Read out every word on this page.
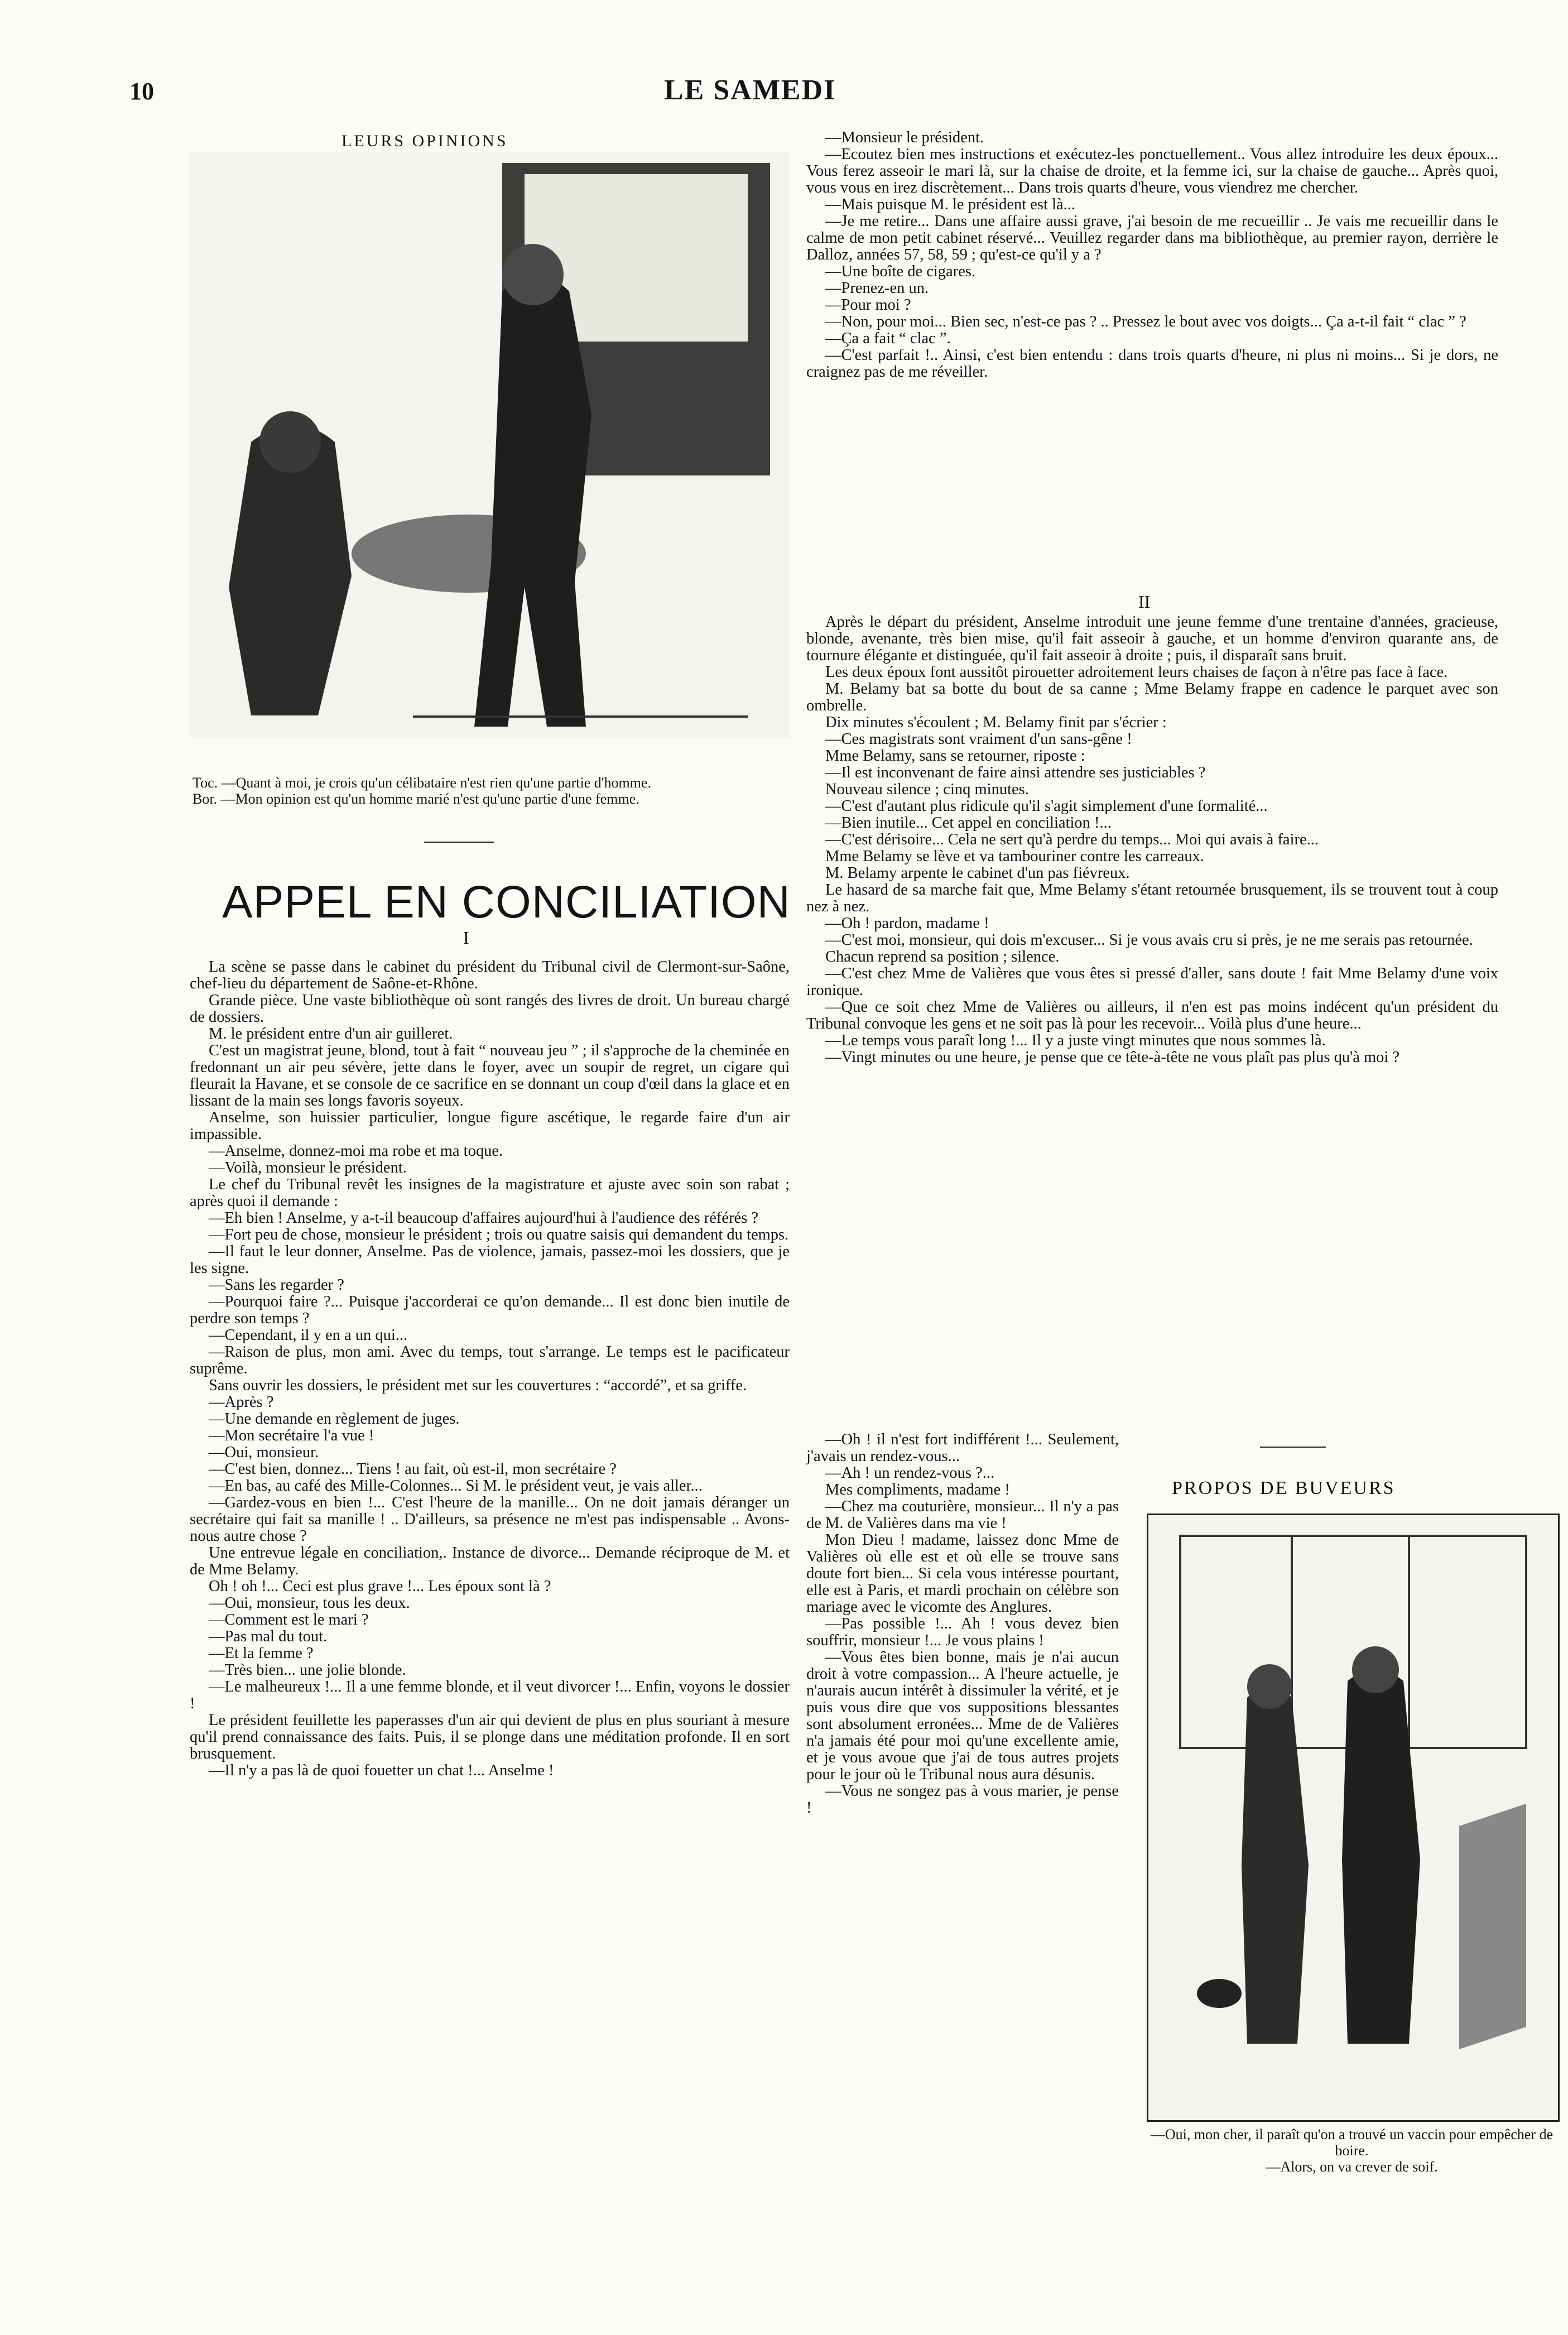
10	LE SAMEDI
LEURS OPINIONS
Toc. —Quant à moi, je crois qu'un célibataire n'est rien qu'une partie d'homme.
Bor. —Mon opinion est qu'un homme marié n'est qu'une partie d'une femme.
APPEL EN CONCILIATION
I

La scène se passe dans le cabinet du président du Tribunal civil de Clermont-sur-Saône, chef-lieu du département de Saône-et-Rhône.

Grande pièce. Une vaste bibliothèque où sont rangés des livres de droit. Un bureau chargé de dossiers.

M. le président entre d'un air guilleret.

C'est un magistrat jeune, blond, tout à fait “ nouveau jeu ” ; il s'approche de la cheminée en fredonnant un air peu sévère, jette dans le foyer, avec un soupir de regret, un cigare qui fleurait la Havane, et se console de ce sacrifice en se donnant un coup d'œil dans la glace et en lissant de la main ses longs favoris soyeux.

Anselme, son huissier particulier, longue figure ascétique, le regarde faire d'un air impassible.

—Anselme, donnez-moi ma robe et ma toque.

—Voilà, monsieur le président.

Le chef du Tribunal revêt les insignes de la magistrature et ajuste avec soin son rabat ; après quoi il demande :

—Eh bien ! Anselme, y a-t-il beaucoup d'affaires aujourd'hui à l'audience des référés ?

—Fort peu de chose, monsieur le président ; trois ou quatre saisis qui demandent du temps.

—Il faut le leur donner, Anselme. Pas de violence, jamais, passez-moi les dossiers, que je les signe.

—Sans les regarder ?

—Pourquoi faire ?... Puisque j'accorderai ce qu'on demande... Il est donc bien inutile de perdre son temps ?

—Cependant, il y en a un qui...

—Raison de plus, mon ami. Avec du temps, tout s'arrange. Le temps est le pacificateur suprême.

Sans ouvrir les dossiers, le président met sur les couvertures : “accordé”, et sa griffe.

—Après ?

—Une demande en règlement de juges.

—Mon secrétaire l'a vue !

—Oui, monsieur.

—C'est bien, donnez... Tiens ! au fait, où est-il, mon secrétaire ?

—En bas, au café des Mille-Colonnes... Si M. le président veut, je vais aller...

—Gardez-vous en bien !... C'est l'heure de la manille... On ne doit jamais déranger un secrétaire qui fait sa manille ! .. D'ailleurs, sa présence ne m'est pas indispensable .. Avons-nous autre chose ?

Une entrevue légale en conciliation,. Instance de divorce... Demande réciproque de M. et de Mme Belamy.

Oh ! oh !... Ceci est plus grave !... Les époux sont là ?

—Oui, monsieur, tous les deux.

—Comment est le mari ?

—Pas mal du tout.

—Et la femme ?

—Très bien... une jolie blonde.

—Le malheureux !... Il a une femme blonde, et il veut divorcer !... Enfin, voyons le dossier !

Le président feuillette les paperasses d'un air qui devient de plus en plus souriant à mesure qu'il prend connaissance des faits. Puis, il se plonge dans une méditation profonde. Il en sort brusquement.

—Il n'y a pas là de quoi fouetter un chat !... Anselme !

—Monsieur le président.

—Ecoutez bien mes instructions et exécutez-les ponctuellement.. Vous allez introduire les deux époux... Vous ferez asseoir le mari là, sur la chaise de droite, et la femme ici, sur la chaise de gauche... Après quoi, vous vous en irez discrètement... Dans trois quarts d'heure, vous viendrez me chercher.

—Mais puisque M. le président est là...

—Je me retire... Dans une affaire aussi grave, j'ai besoin de me recueillir .. Je vais me recueillir dans le calme de mon petit cabinet réservé... Veuillez regarder dans ma bibliothèque, au premier rayon, derrière le Dalloz, années 57, 58, 59 ; qu'est-ce qu'il y a ?

—Une boîte de cigares.

—Prenez-en un.

—Pour moi ?

—Non, pour moi... Bien sec, n'est-ce pas ? .. Pressez le bout avec vos doigts... Ça a-t-il fait “ clac ” ?

—Ça a fait “ clac ”.

—C'est parfait !.. Ainsi, c'est bien entendu : dans trois quarts d'heure, ni plus ni moins... Si je dors, ne craignez pas de me réveiller.

II

Après le départ du président, Anselme introduit une jeune femme d'une trentaine d'années, gracieuse, blonde, avenante, très bien mise, qu'il fait asseoir à gauche, et un homme d'environ quarante ans, de tournure élégante et distinguée, qu'il fait asseoir à droite ; puis, il disparaît sans bruit.

Les deux époux font aussitôt pirouetter adroitement leurs chaises de façon à n'être pas face à face.

M. Belamy bat sa botte du bout de sa canne ; Mme Belamy frappe en cadence le parquet avec son ombrelle.

Dix minutes s'écoulent ; M. Belamy finit par s'écrier :

—Ces magistrats sont vraiment d'un sans-gêne !

Mme Belamy, sans se retourner, riposte :

—Il est inconvenant de faire ainsi attendre ses justiciables ?

Nouveau silence ; cinq minutes.

—C'est d'autant plus ridicule qu'il s'agit simplement d'une formalité...

—Bien inutile... Cet appel en conciliation !...

—C'est dérisoire... Cela ne sert qu'à perdre du temps... Moi qui avais à faire...

Mme Belamy se lève et va tambouriner contre les carreaux.

M. Belamy arpente le cabinet d'un pas fiévreux.

Le hasard de sa marche fait que, Mme Belamy s'étant retournée brusquement, ils se trouvent tout à coup nez à nez.

—Oh ! pardon, madame !

—C'est moi, monsieur, qui dois m'excuser... Si je vous avais cru si près, je ne me serais pas retournée.

Chacun reprend sa position ; silence.

—C'est chez Mme de Valières que vous êtes si pressé d'aller, sans doute ! fait Mme Belamy d'une voix ironique.

—Que ce soit chez Mme de Valières ou ailleurs, il n'en est pas moins indécent qu'un président du Tribunal convoque les gens et ne soit pas là pour les recevoir... Voilà plus d'une heure...

—Le temps vous paraît long !... Il y a juste vingt minutes que nous sommes là.

—Vingt minutes ou une heure, je pense que ce tête-à-tête ne vous plaît pas plus qu'à moi ?

—Oh ! il n'est fort indifférent !... Seulement, j'avais un rendez-vous...

—Ah ! un rendez-vous ?...

Mes compliments, madame !

—Chez ma couturière, monsieur... Il n'y a pas de M. de Valières dans ma vie !

Mon Dieu ! madame, laissez donc Mme de Valières où elle est et où elle se trouve sans doute fort bien... Si cela vous intéresse pourtant, elle est à Paris, et mardi prochain on célèbre son mariage avec le vicomte des Anglures.

—Pas possible !... Ah ! vous devez bien souffrir, monsieur !... Je vous plains !

—Vous êtes bien bonne, mais je n'ai aucun droit à votre compassion... A l'heure actuelle, je n'aurais aucun intérêt à dissimuler la vérité, et je puis vous dire que vos suppositions blessantes sont absolument erronées... Mme de de Valières n'a jamais été pour moi qu'une excellente amie, et je vous avoue que j'ai de tous autres projets pour le jour où le Tribunal nous aura désunis.

—Vous ne songez pas à vous marier, je pense !

PROPOS DE BUVEURS
—Oui, mon cher, il paraît qu'on a trouvé un vaccin pour empêcher de boire.
—Alors, on va crever de soif.
